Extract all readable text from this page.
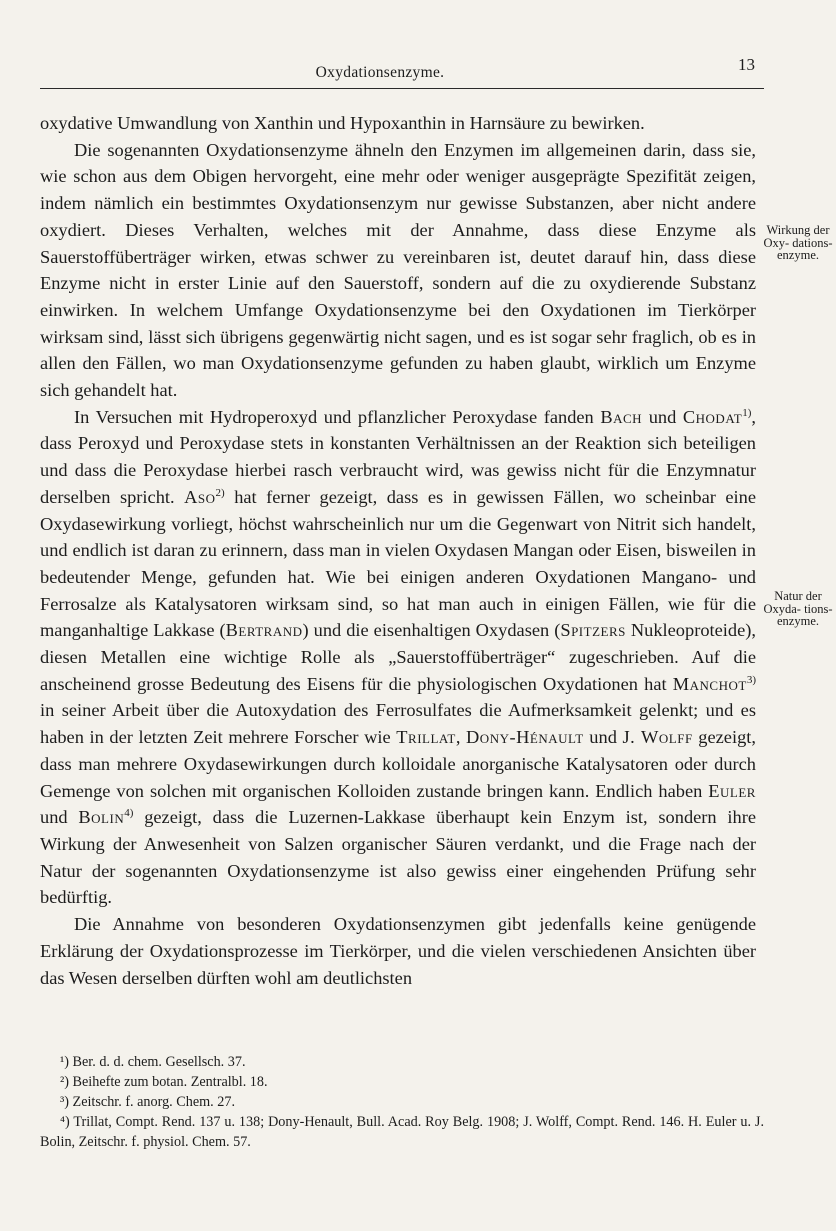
Oxydationsenzyme.	13
Wirkung der Oxy- dations- enzyme.
Natur der Oxyda- tions- enzyme.

oxydative Umwandlung von Xanthin und Hypoxanthin in Harnsäure zu bewirken.

Die sogenannten Oxydationsenzyme ähneln den Enzymen im allgemeinen darin, dass sie, wie schon aus dem Obigen hervorgeht, eine mehr oder weniger ausgeprägte Spezifität zeigen, indem nämlich ein bestimmtes Oxydationsenzym nur gewisse Substanzen, aber nicht andere oxydiert. Dieses Verhalten, welches mit der Annahme, dass diese Enzyme als Sauerstoffüberträger wirken, etwas schwer zu vereinbaren ist, deutet darauf hin, dass diese Enzyme nicht in erster Linie auf den Sauerstoff, sondern auf die zu oxydierende Substanz einwirken. In welchem Umfange Oxydationsenzyme bei den Oxydationen im Tierkörper wirksam sind, lässt sich übrigens gegenwärtig nicht sagen, und es ist sogar sehr fraglich, ob es in allen den Fällen, wo man Oxydationsenzyme gefunden zu haben glaubt, wirklich um Enzyme sich gehandelt hat.

In Versuchen mit Hydroperoxyd und pflanzlicher Peroxydase fanden Bach und Chodat$^{1)}$, dass Peroxyd und Peroxydase stets in konstanten Verhältnissen an der Reaktion sich beteiligen und dass die Peroxydase hierbei rasch verbraucht wird, was gewiss nicht für die Enzymnatur derselben spricht. Aso$^{2)}$ hat ferner gezeigt, dass es in gewissen Fällen, wo scheinbar eine Oxydasewirkung vorliegt, höchst wahrscheinlich nur um die Gegenwart von Nitrit sich handelt, und endlich ist daran zu erinnern, dass man in vielen Oxydasen Mangan oder Eisen, bisweilen in bedeutender Menge, gefunden hat. Wie bei einigen anderen Oxydationen Mangano- und Ferrosalze als Katalysatoren wirksam sind, so hat man auch in einigen Fällen, wie für die manganhaltige Lakkase (Bertrand) und die eisenhaltigen Oxydasen (Spitzers Nukleoproteide), diesen Metallen eine wichtige Rolle als „Sauerstoffüberträger“ zugeschrieben. Auf die anscheinend grosse Bedeutung des Eisens für die physiologischen Oxydationen hat Manchot$^{3)}$ in seiner Arbeit über die Autoxydation des Ferrosulfates die Aufmerksamkeit gelenkt; und es haben in der letzten Zeit mehrere Forscher wie Trillat, Dony-Hénault und J. Wolff gezeigt, dass man mehrere Oxydasewirkungen durch kolloidale anorganische Katalysatoren oder durch Gemenge von solchen mit organischen Kolloiden zustande bringen kann. Endlich haben Euler und Bolin$^{4)}$ gezeigt, dass die Luzernen-Lakkase überhaupt kein Enzym ist, sondern ihre Wirkung der Anwesenheit von Salzen organischer Säuren verdankt, und die Frage nach der Natur der sogenannten Oxydationsenzyme ist also gewiss einer eingehenden Prüfung sehr bedürftig.

Die Annahme von besonderen Oxydationsenzymen gibt jedenfalls keine genügende Erklärung der Oxydationsprozesse im Tierkörper, und die vielen verschiedenen Ansichten über das Wesen derselben dürften wohl am deutlichsten

¹) Ber. d. d. chem. Gesellsch. 37.

²) Beihefte zum botan. Zentralbl. 18.

³) Zeitschr. f. anorg. Chem. 27.

⁴) Trillat, Compt. Rend. 137 u. 138; Dony-Henault, Bull. Acad. Roy Belg. 1908; J. Wolff, Compt. Rend. 146. H. Euler u. J. Bolin, Zeitschr. f. physiol. Chem. 57.
